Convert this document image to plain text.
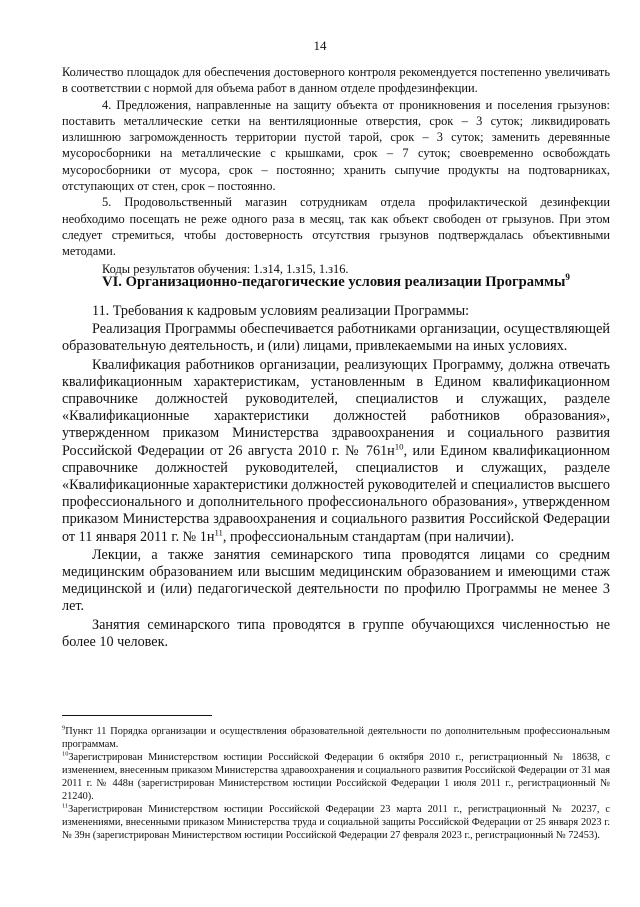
14

Количество площадок для обеспечения достоверного контроля рекомендуется постепенно увеличивать в соответствии с нормой для объема работ в данном отделе профдезинфекции.

4. Предложения, направленные на защиту объекта от проникновения и поселения грызунов: поставить металлические сетки на вентиляционные отверстия, срок – 3 суток; ликвидировать излишнюю загроможденность территории пустой тарой, срок – 3 суток; заменить деревянные мусоросборники на металлические с крышками, срок – 7 суток; своевременно освобождать мусоросборники от мусора, срок – постоянно; хранить сыпучие продукты на подтоварниках, отступающих от стен, срок – постоянно.

5. Продовольственный магазин сотрудникам отдела профилактической дезинфекции необходимо посещать не реже одного раза в месяц, так как объект свободен от грызунов. При этом следует стремиться, чтобы достоверность отсутствия грызунов подтверждалась объективными методами.

Коды результатов обучения: 1.з14, 1.з15, 1.з16.

VI. Организационно-педагогические условия реализации Программы$^9$

11. Требования к кадровым условиям реализации Программы:

Реализация Программы обеспечивается работниками организации, осуществляющей образовательную деятельность, и (или) лицами, привлекаемыми на иных условиях.

Квалификация работников организации, реализующих Программу, должна отвечать квалификационным характеристикам, установленным в Едином квалификационном справочнике должностей руководителей, специалистов и служащих, разделе «Квалификационные характеристики должностей работников образования», утвержденном приказом Министерства здравоохранения и социального развития Российской Федерации от 26 августа 2010 г. № $761н^{10}$, или Едином квалификационном справочнике должностей руководителей, специалистов и служащих, разделе «Квалификационные характеристики должностей руководителей и специалистов высшего профессионального и дополнительного профессионального образования», утвержденном приказом Министерства здравоохранения и социального развития Российской Федерации от 11 января 2011 г. № $1н^{11}$, профессиональным стандартам (при наличии).

Лекции, а также занятия семинарского типа проводятся лицами со средним медицинским образованием или высшим медицинским образованием и имеющими стаж медицинской и (или) педагогической деятельности по профилю Программы не менее 3 лет.

Занятия семинарского типа проводятся в группе обучающихся численностью не более 10 человек.

$^9$Пункт 11 Порядка организации и осуществления образовательной деятельности по дополнительным профессиональным программам.

$^{10}$Зарегистрирован Министерством юстиции Российской Федерации 6 октября 2010 г., регистрационный № 18638, с изменением, внесенным приказом Министерства здравоохранения и социального развития Российской Федерации от 31 мая 2011 г. № 448н (зарегистрирован Министерством юстиции Российской Федерации 1 июля 2011 г., регистрационный № 21240).

$^{11}$Зарегистрирован Министерством юстиции Российской Федерации 23 марта 2011 г., регистрационный № 20237, с изменениями, внесенными приказом Министерства труда и социальной защиты Российской Федерации от 25 января 2023 г. № 39н (зарегистрирован Министерством юстиции Российской Федерации 27 февраля 2023 г., регистрационный № 72453).
